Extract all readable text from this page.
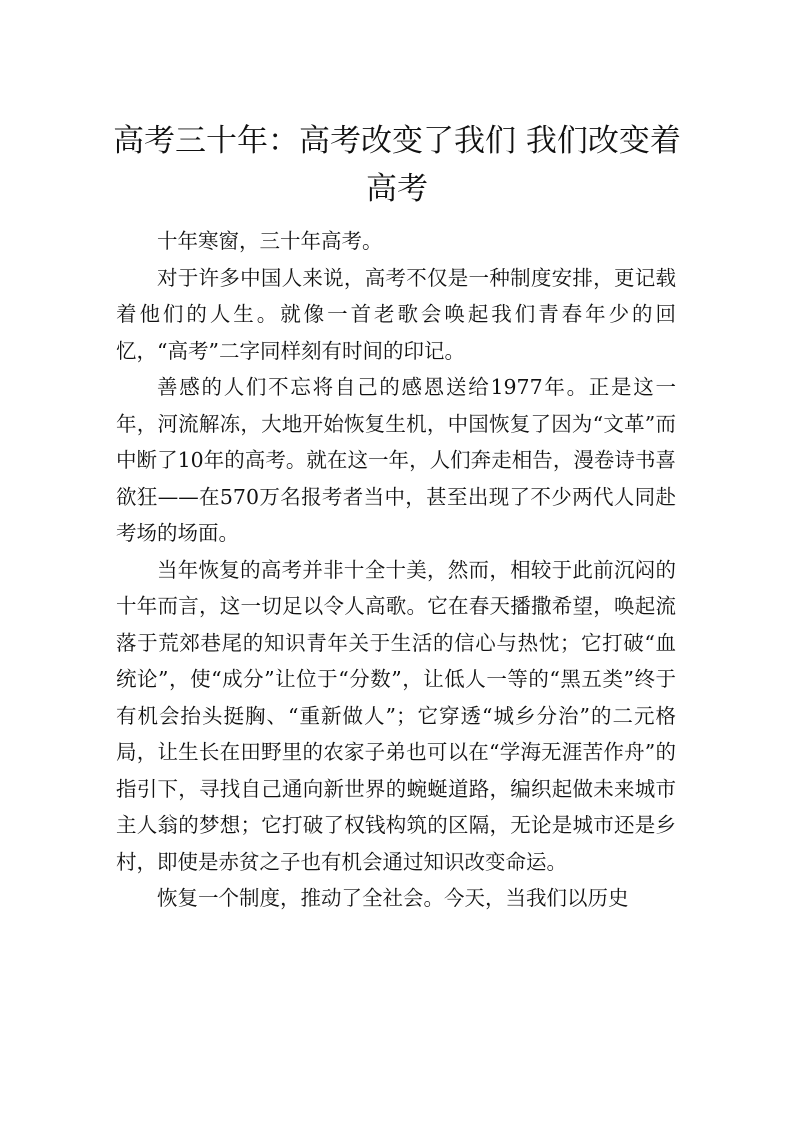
高考三十年：高考改变了我们 我们改变着高考

十年寒窗，三十年高考。

对于许多中国人来说，高考不仅是一种制度安排，更记载着他们的人生。就像一首老歌会唤起我们青春年少的回忆，“高考”二字同样刻有时间的印记。

善感的人们不忘将自己的感恩送给1977年。正是这一年，河流解冻，大地开始恢复生机，中国恢复了因为“文革”而中断了10年的高考。就在这一年，人们奔走相告，漫卷诗书喜欲狂——在570万名报考者当中，甚至出现了不少两代人同赴考场的场面。

当年恢复的高考并非十全十美，然而，相较于此前沉闷的十年而言，这一切足以令人高歌。它在春天播撒希望，唤起流落于荒郊巷尾的知识青年关于生活的信心与热忱；它打破“血统论”，使“成分”让位于“分数”，让低人一等的“黑五类”终于有机会抬头挺胸、“重新做人”；它穿透“城乡分治”的二元格局，让生长在田野里的农家子弟也可以在“学海无涯苦作舟”的指引下，寻找自己通向新世界的蜿蜒道路，编织起做未来城市主人翁的梦想；它打破了权钱构筑的区隔，无论是城市还是乡村，即使是赤贫之子也有机会通过知识改变命运。

恢复一个制度，推动了全社会。今天，当我们以历史
